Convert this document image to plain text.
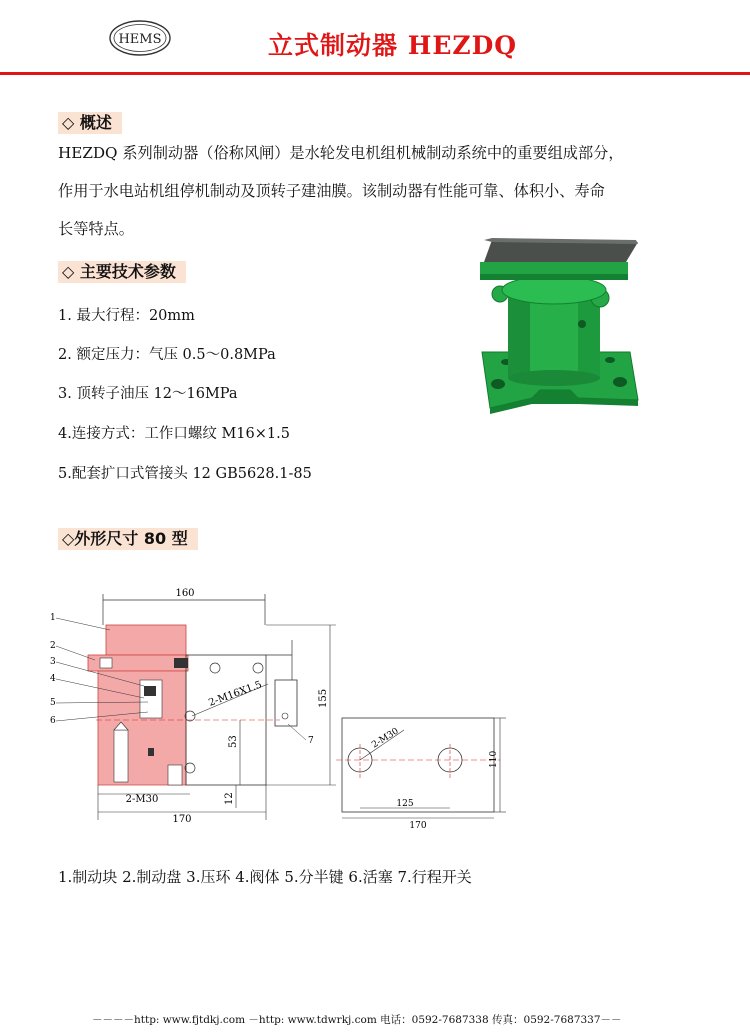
HEMS	立式制动器 HEZDQ
◇ 概述
HEZDQ 系列制动器（俗称风闸）是水轮发电机组机械制动系统中的重要组成部分，
作用于水电站机组停机制动及顶转子建油膜。该制动器有性能可靠、体积小、寿命
长等特点。
◇ 主要技术参数
1. 最大行程：20mm
2. 额定压力：气压 0.5～0.8MPa
3. 顶转子油压 12～16MPa
4.连接方式：工作口螺纹 M16×1.5
5.配套扩口式管接头 12 GB5628.1-85
◇外形尺寸 80 型
160
2-M16X1.5	155
53
12
170
2-M30
1
2
3
4
5
6
7	2-M30
110
125
170
1.制动块 2.制动盘 3.压环 4.阀体 5.分半键 6.活塞 7.行程开关
－－－－http: www.fjtdkj.com －http: www.tdwrkj.com 电话：0592-7687338 传真：0592-7687337－－
